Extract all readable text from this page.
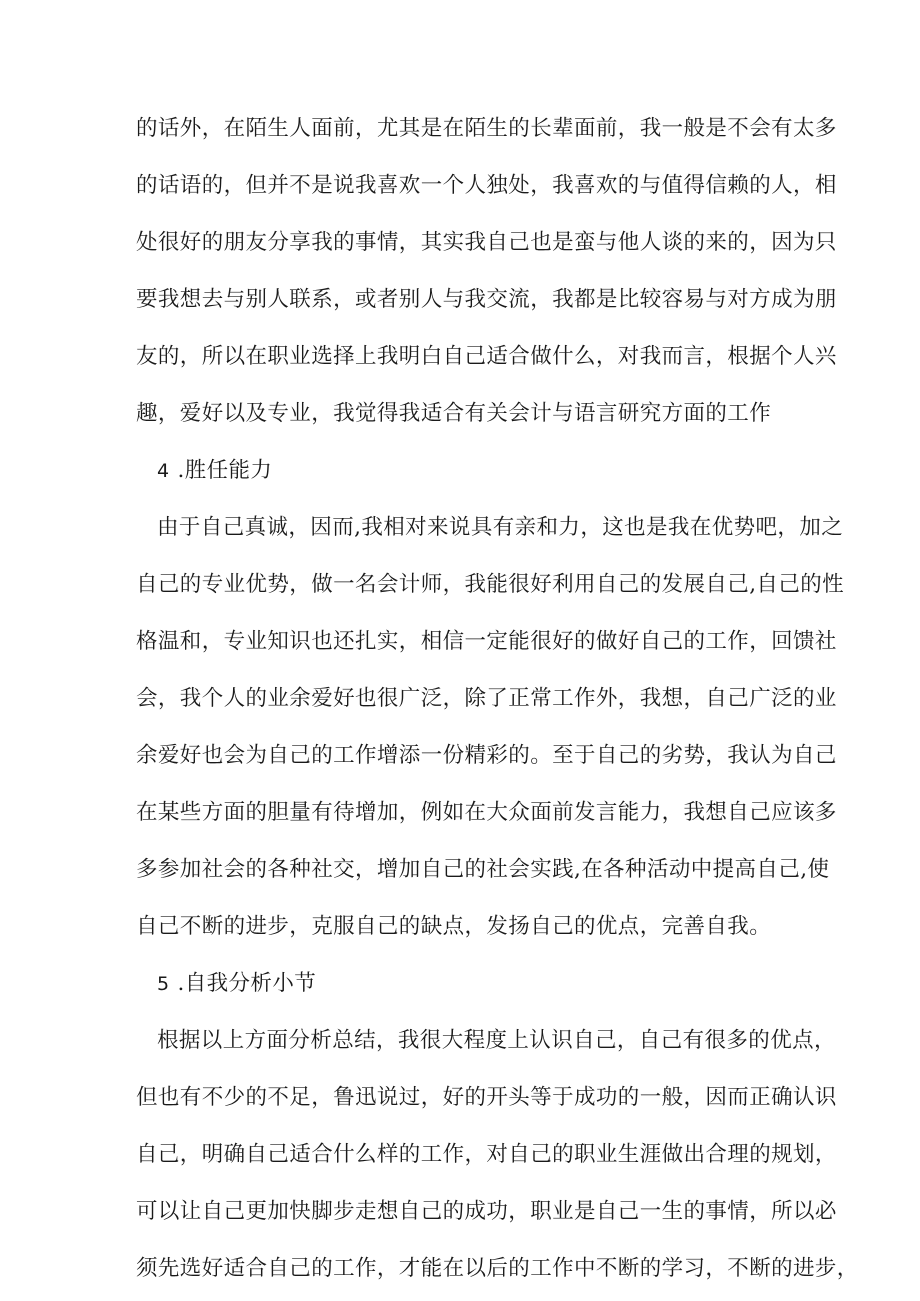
的话外，在陌生人面前，尤其是在陌生的长辈面前，我一般是不会有太多
的话语的，但并不是说我喜欢一个人独处，我喜欢的与值得信赖的人，相
处很好的朋友分享我的事情，其实我自己也是蛮与他人谈的来的，因为只
要我想去与别人联系，或者别人与我交流，我都是比较容易与对方成为朋
友的，所以在职业选择上我明白自己适合做什么，对我而言，根据个人兴
趣，爱好以及专业，我觉得我适合有关会计与语言研究方面的工作
4 .胜任能力
由于自己真诚，因而,我相对来说具有亲和力，这也是我在优势吧，加之
自己的专业优势，做一名会计师，我能很好利用自己的发展自己,自己的性
格温和，专业知识也还扎实，相信一定能很好的做好自己的工作，回馈社
会，我个人的业余爱好也很广泛，除了正常工作外，我想，自己广泛的业
余爱好也会为自己的工作增添一份精彩的。至于自己的劣势，我认为自己
在某些方面的胆量有待增加，例如在大众面前发言能力，我想自己应该多
多参加社会的各种社交，增加自己的社会实践,在各种活动中提高自己,使
自己不断的进步，克服自己的缺点，发扬自己的优点，完善自我。
5 .自我分析小节
根据以上方面分析总结，我很大程度上认识自己，自己有很多的优点，
但也有不少的不足，鲁迅说过，好的开头等于成功的一般，因而正确认识
自己，明确自己适合什么样的工作，对自己的职业生涯做出合理的规划，
可以让自己更加快脚步走想自己的成功，职业是自己一生的事情，所以必
须先选好适合自己的工作，才能在以后的工作中不断的学习，不断的进步，
